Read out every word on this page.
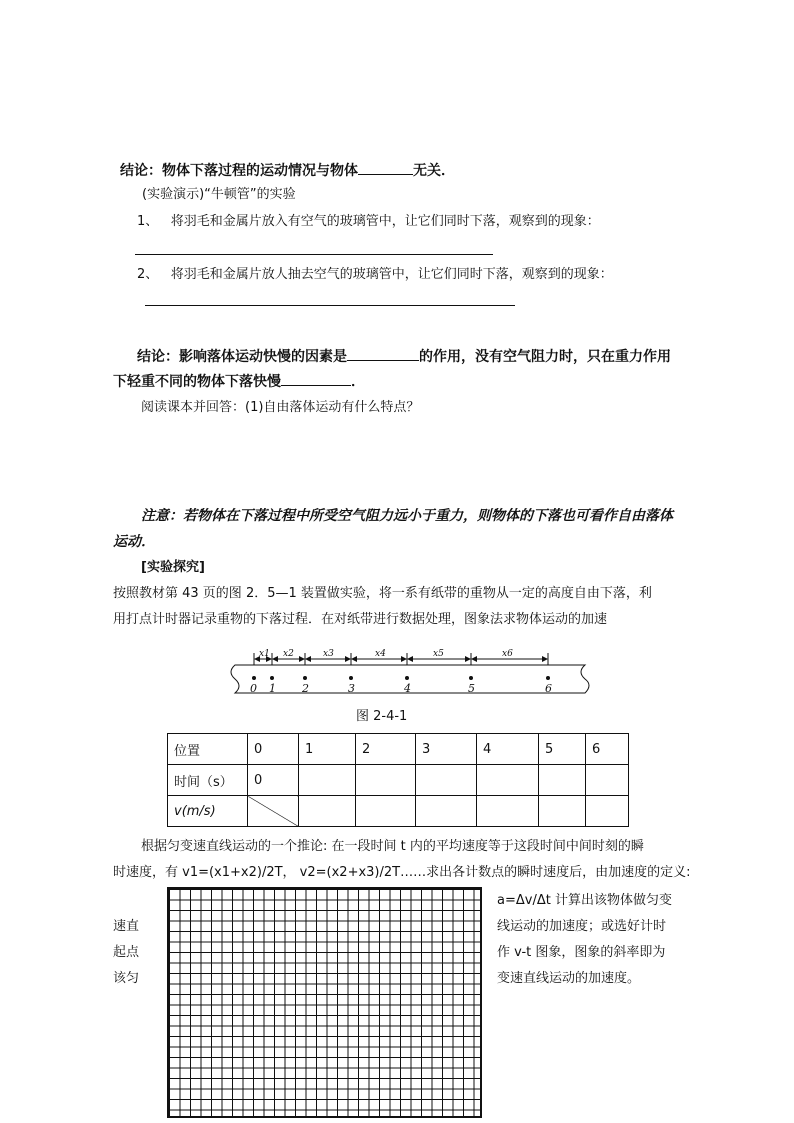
结论：物体下落过程的运动情况与物体	无关．
(实验演示)“牛顿管”的实验
1、 将羽毛和金属片放入有空气的玻璃管中，让它们同时下落，观察到的现象：
2、 将羽毛和金属片放人抽去空气的玻璃管中，让它们同时下落，观察到的现象：
结论：影响落体运动快慢的因素是	的作用，没有空气阻力时，只在重力作用
下轻重不同的物体下落快慢	．
阅读课本并回答：(1)自由落体运动有什么特点？
注意：若物体在下落过程中所受空气阻力远小于重力，则物体的下落也可看作自由落体
运动．
[实验探究]
按照教材第 43 页的图 2．5—1 装置做实验，将一系有纸带的重物从一定的高度自由下落，利
用打点计时器记录重物的下落过程．在对纸带进行数据处理，图象法求物体运动的加速
x1 x2	x3	x4	x5	x6
0 1 2	3	4	5	6
图 2-4-1
位置	0	1	2	3	4	5	6
时间（s）	0						
v(m/s)							
根据匀变速直线运动的一个推论: 在一段时间 t 内的平均速度等于这段时间中间时刻的瞬
时速度，有 v1=(x1+x2)/2T， v2=(x2+x3)/2T……求出各计数点的瞬时速度后，由加速度的定义:
速直
起点
该匀
a=Δv/Δt 计算出该物体做匀变
线运动的加速度；或选好计时
作 v-t 图象，图象的斜率即为
变速直线运动的加速度。
